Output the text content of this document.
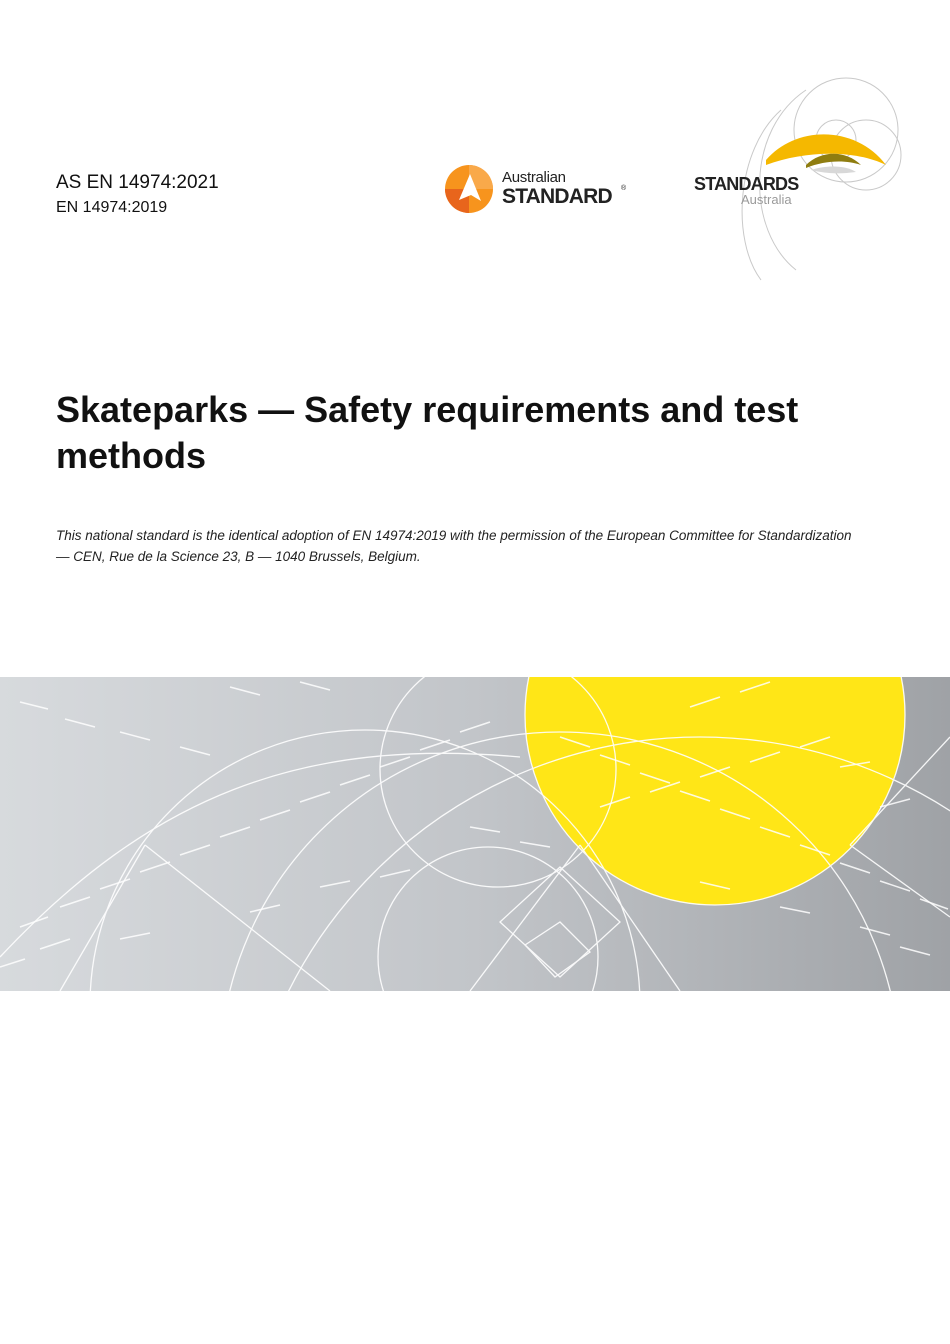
AS EN 14974:2021
EN 14974:2019
Australian
STANDARD ®	STANDARDS
Australia
Skateparks — Safety requirements and test methods
This national standard is the identical adoption of EN 14974:2019 with the permission of the European Committee for Standardization — CEN, Rue de la Science 23, B — 1040 Brussels, Belgium.
